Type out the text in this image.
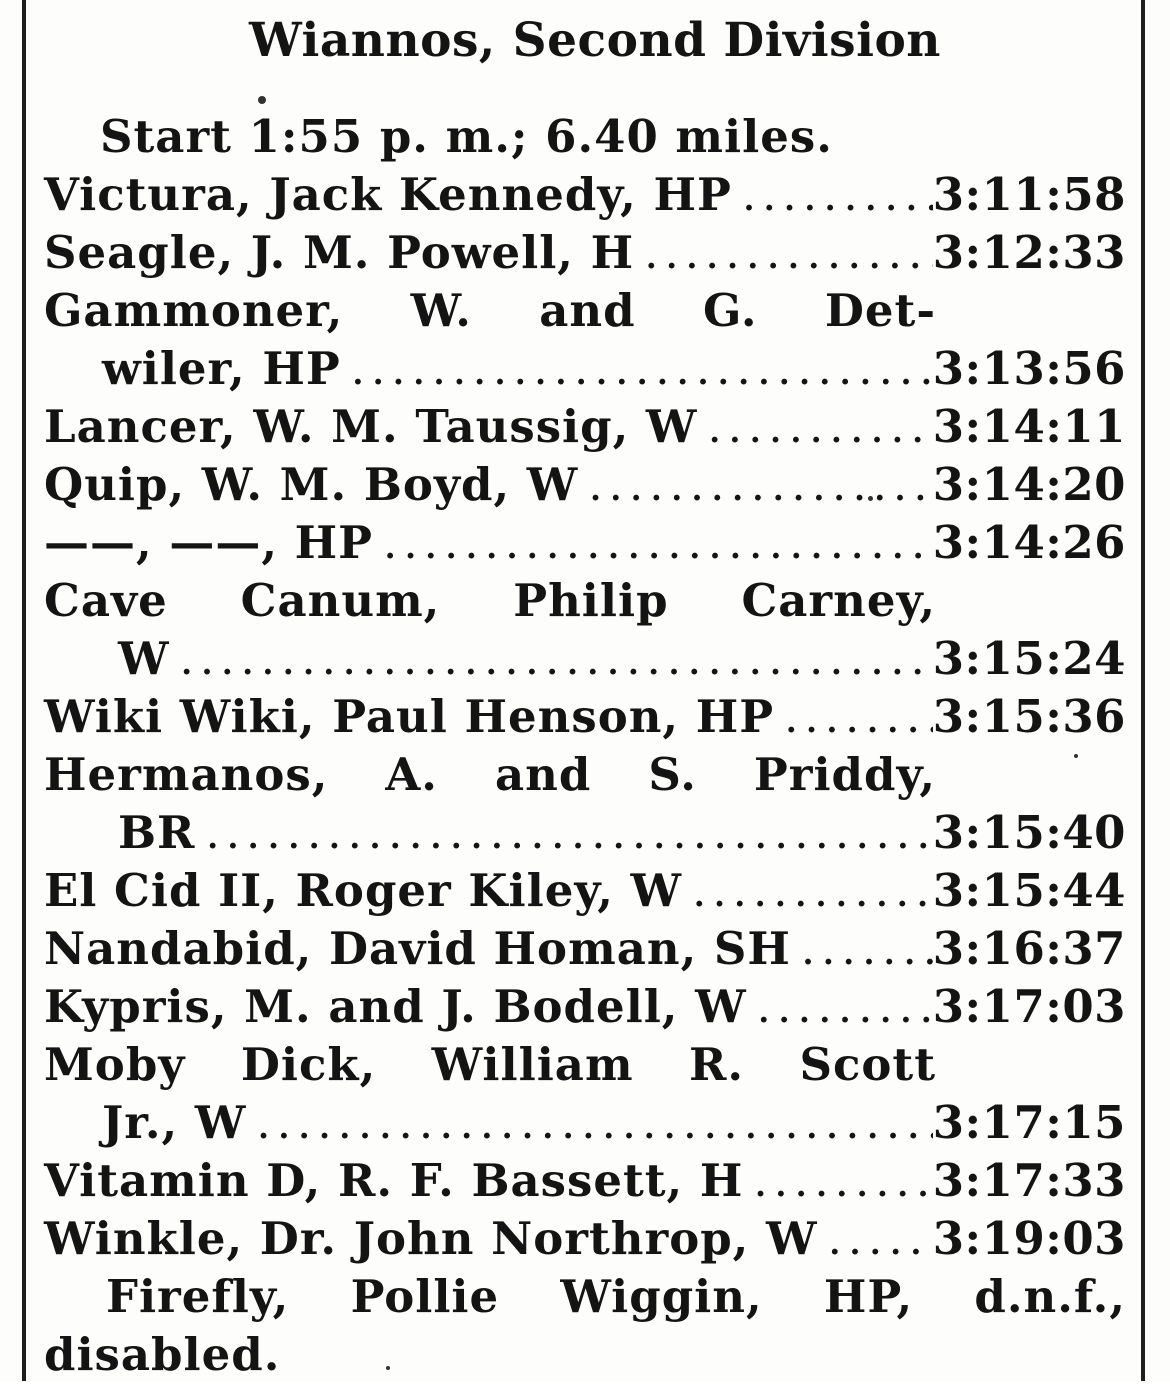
Wiannos, Second Division
Start 1:55 p. m.; 6.40 miles.
Victura, Jack Kennedy, HP .....	3:11:58
Seagle, J. M. Powell, H .....	3:12:33
Gammoner, W. and G. Det-
wiler, HP .....	3:13:56
Lancer, W. M. Taussig, W .....	3:14:11
Quip, W. M. Boyd, W .....	3:14:20
——, ——, HP .....	3:14:26
Cave Canum, Philip Carney,
W .....	3:15:24
Wiki Wiki, Paul Henson, HP .....	3:15:36
Hermanos, A. and S. Priddy,
BR .....	3:15:40
El Cid II, Roger Kiley, W .....	3:15:44
Nandabid, David Homan, SH .....	3:16:37
Kypris, M. and J. Bodell, W .....	3:17:03
Moby Dick, William R. Scott
Jr., W .....	3:17:15
Vitamin D, R. F. Bassett, H .....	3:17:33
Winkle, Dr. John Northrop, W .....	3:19:03
Firefly, Pollie Wiggin, HP, d.n.f.,
disabled.
